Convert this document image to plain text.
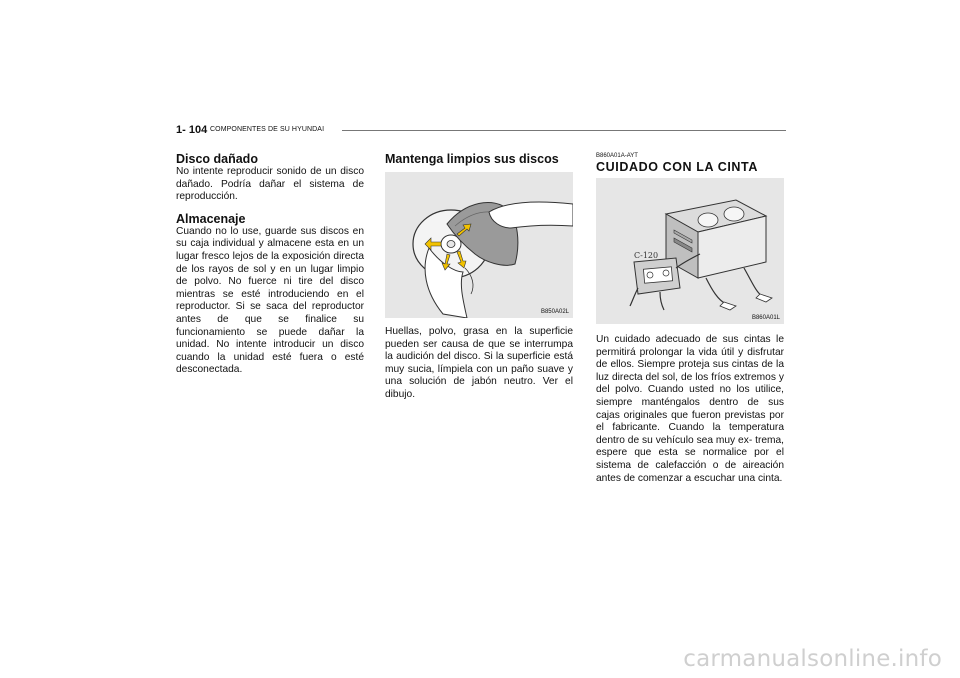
1- 104 COMPONENTES DE SU HYUNDAI
Disco dañado

No intente reproducir sonido de un disco dañado. Podría dañar el sistema de reproducción.

Almacenaje

Cuando no lo use, guarde sus discos en su caja individual y almacene esta en un lugar fresco lejos de la exposición directa de los rayos de sol y en un lugar limpio de polvo. No fuerce ni tire del disco mientras se esté introduciendo en el reproductor. Si se saca del reproductor antes de que se finalice su funcionamiento se puede dañar la unidad. No intente introducir un disco cuando la unidad esté fuera o esté desconectada.

Mantenga limpios sus discos
B850A02L

Huellas, polvo, grasa en la superficie pueden ser causa de que se interrumpa la audición del disco. Si la superficie está muy sucia, límpiela con un paño suave y una solución de jabón neutro. Ver el dibujo.

B860A01A-AYT
CUIDADO CON LA CINTA
C-120
B860A01L

Un cuidado adecuado de sus cintas le permitirá prolongar la vida útil y disfrutar de ellos. Siempre proteja sus cintas de la luz directa del sol, de los fríos extremos y del polvo. Cuando usted no los utilice, siempre manténgalos dentro de sus cajas originales que fueron previstas por el fabricante. Cuando la temperatura dentro de su vehículo sea muy ex- trema, espere que esta se normalice por el sistema de calefacción o de aireación antes de comenzar a escuchar una cinta.

carmanualsonline.info
